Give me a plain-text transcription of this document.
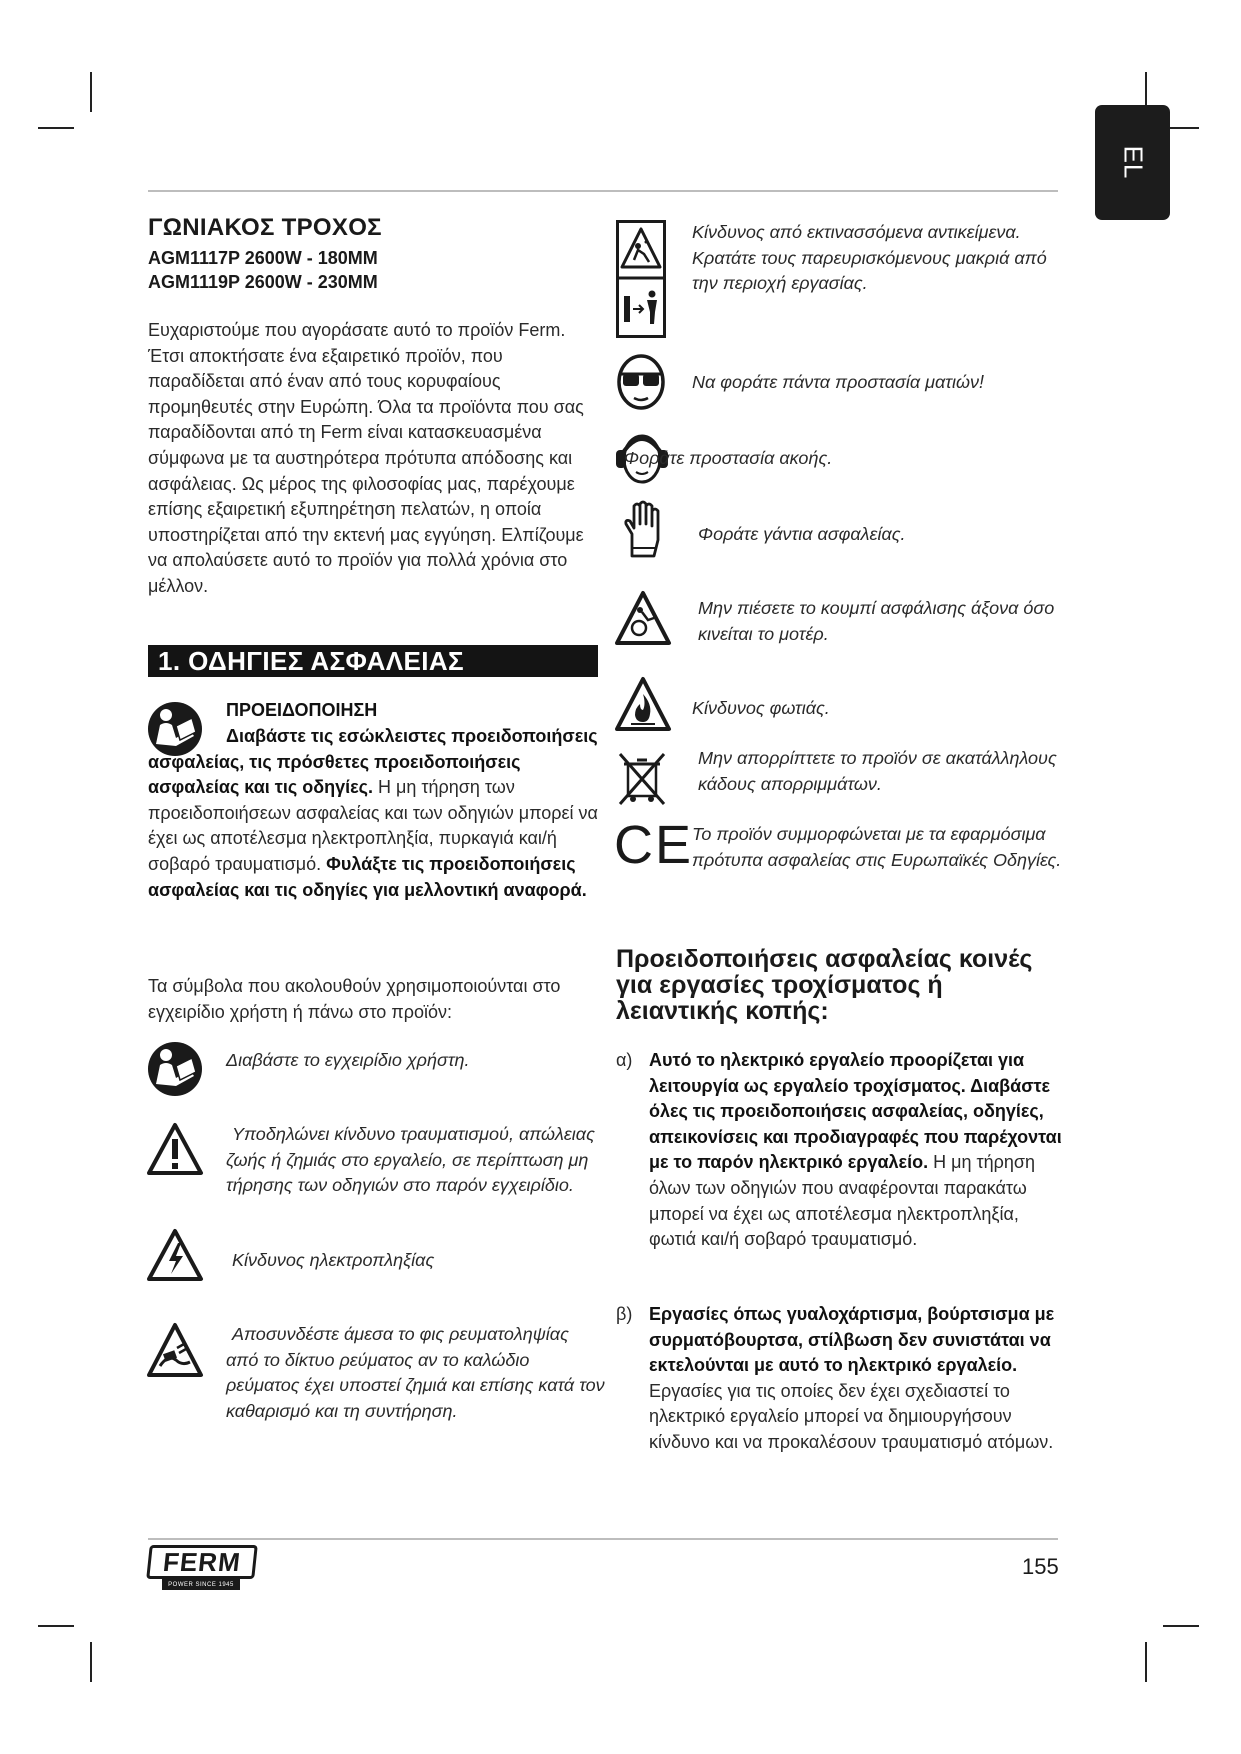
EL
ΓΩΝΙΑΚΟΣ ΤΡΟΧΟΣ
AGM1117P 2600W - 180MM
AGM1119P 2600W - 230MM

Ευχαριστούμε που αγοράσατε αυτό το προϊόν Ferm. Έτσι αποκτήσατε ένα εξαιρετικό προϊόν, που παραδίδεται από έναν από τους κορυφαίους προμηθευτές στην Ευρώπη. Όλα τα προϊόντα που σας παραδίδονται από τη Ferm είναι κατασκευασμένα σύμφωνα με τα αυστηρότερα πρότυπα απόδοσης και ασφάλειας. Ως μέρος της φιλοσοφίας μας, παρέχουμε επίσης εξαιρετική εξυπηρέτηση πελατών, η οποία υποστηρίζεται από την εκτενή μας εγγύηση. Ελπίζουμε να απολαύσετε αυτό το προϊόν για πολλά χρόνια στο μέλλον.

1. ΟΔΗΓΙΕΣ ΑΣΦΑΛΕΙΑΣ
ΠΡΟΕΙΔΟΠΟΙΗΣΗ
Διαβάστε τις εσώκλειστες προειδοποιήσεις ασφαλείας, τις πρόσθετες προειδοποιήσεις ασφαλείας και τις οδηγίες. Η μη τήρηση των προειδοποιήσεων ασφαλείας και των οδηγιών μπορεί να έχει ως αποτέλεσμα ηλεκτροπληξία, πυρκαγιά και/ή σοβαρό τραυματισμό. Φυλάξτε τις προειδοποιήσεις ασφαλείας και τις οδηγίες για μελλοντική αναφορά.
Τα σύμβολα που ακολουθούν χρησιμοποιούνται στο εγχειρίδιο χρήστη ή πάνω στο προϊόν:
Διαβάστε το εγχειρίδιο χρήστη.
Υποδηλώνει κίνδυνο τραυματισμού, απώλειας ζωής ή ζημιάς στο εργαλείο, σε περίπτωση μη τήρησης των οδηγιών στο παρόν εγχειρίδιο.
Κίνδυνος ηλεκτροπληξίας
Αποσυνδέστε άμεσα το φις ρευματοληψίας από το δίκτυο ρεύματος αν το καλώδιο ρεύματος έχει υποστεί ζημιά και επίσης κατά τον καθαρισμό και τη συντήρηση.
Κίνδυνος από εκτινασσόμενα αντικείμενα. Κρατάτε τους παρευρισκόμενους μακριά από την περιοχή εργασίας.
Να φοράτε πάντα προστασία ματιών!
Φοράτε προστασία ακοής.
Φοράτε γάντια ασφαλείας.
Μην πιέσετε το κουμπί ασφάλισης άξονα όσο κινείται το μοτέρ.
Κίνδυνος φωτιάς.
Μην απορρίπτετε το προϊόν σε ακατάλληλους κάδους απορριμμάτων.
CE
Το προϊόν συμμορφώνεται με τα εφαρμόσιμα πρότυπα ασφαλείας στις Ευρωπαϊκές Οδηγίες.
Προειδοποιήσεις ασφαλείας κοινές για εργασίες τροχίσματος ή λειαντικής κοπής:
α) Αυτό το ηλεκτρικό εργαλείο προορίζεται για λειτουργία ως εργαλείο τροχίσματος. Διαβάστε όλες τις προειδοποιήσεις ασφαλείας, οδηγίες, απεικονίσεις και προδιαγραφές που παρέχονται με το παρόν ηλεκτρικό εργαλείο. Η μη τήρηση όλων των οδηγιών που αναφέρονται παρακάτω μπορεί να έχει ως αποτέλεσμα ηλεκτροπληξία, φωτιά και/ή σοβαρό τραυματισμό.
β) Εργασίες όπως γυαλοχάρτισμα, βούρτσισμα με συρματόβουρτσα, στίλβωση δεν συνιστάται να εκτελούνται με αυτό το ηλεκτρικό εργαλείο. Εργασίες για τις οποίες δεν έχει σχεδιαστεί το ηλεκτρικό εργαλείο μπορεί να δημιουργήσουν κίνδυνο και να προκαλέσουν τραυματισμό ατόμων.
FERM
POWER SINCE 1945
155
